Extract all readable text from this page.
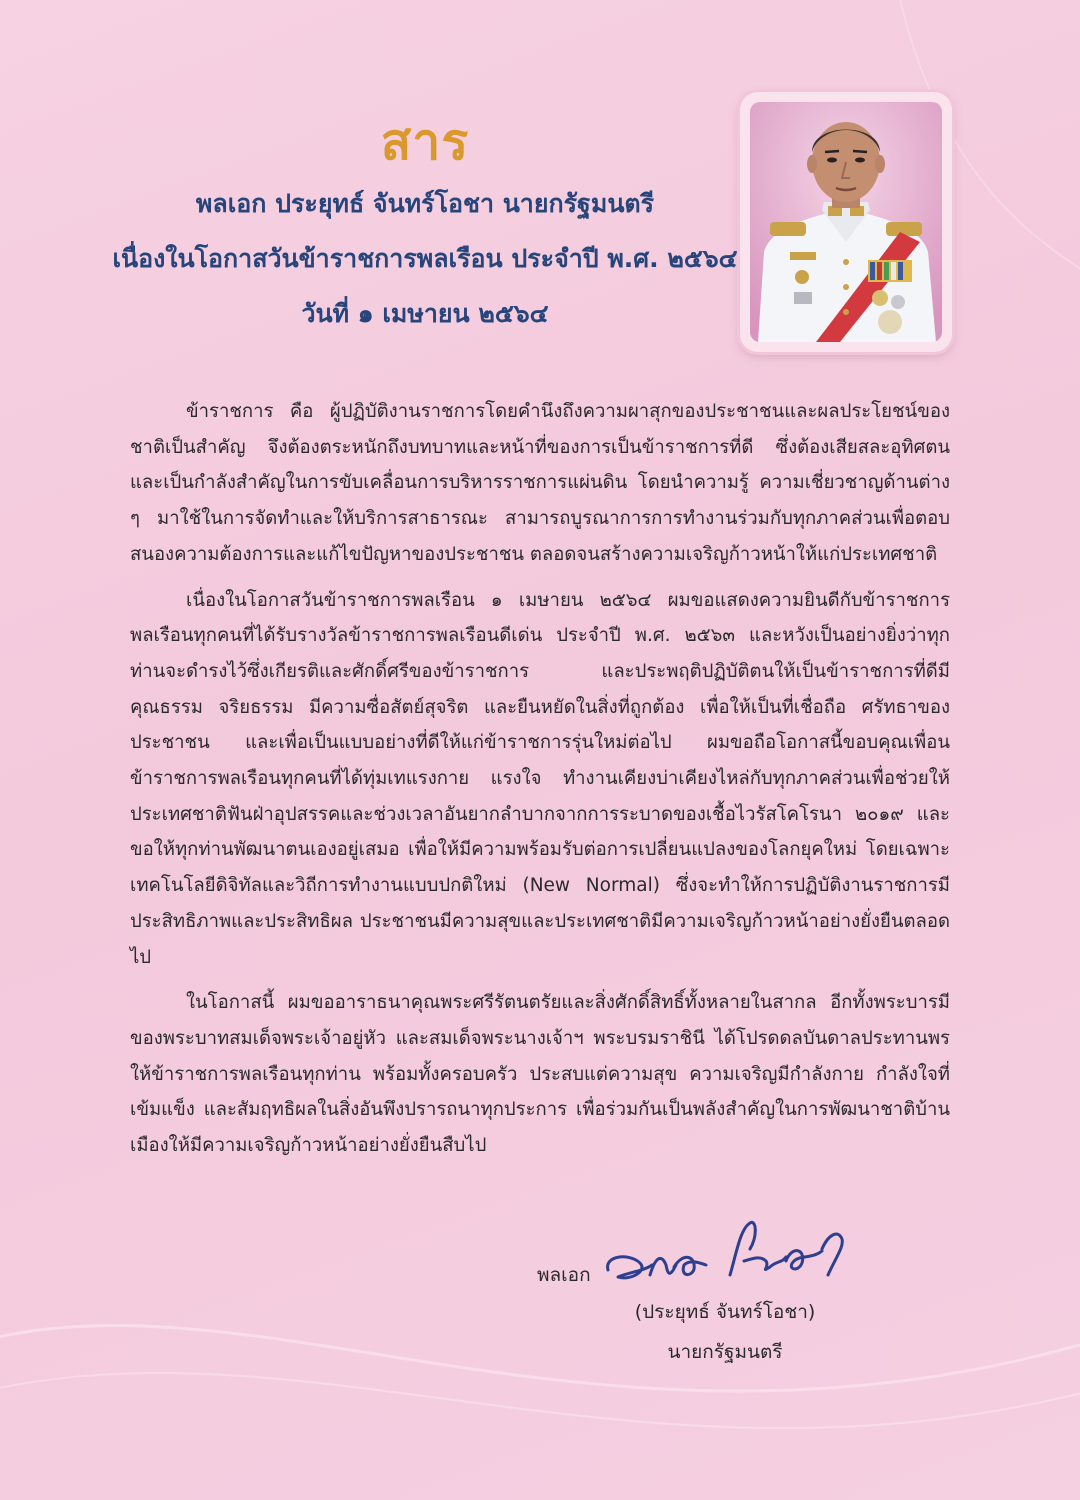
สาร
พลเอก ประยุทธ์ จันทร์โอชา นายกรัฐมนตรี
เนื่องในโอกาสวันข้าราชการพลเรือน ประจำปี พ.ศ. ๒๕๖๔
วันที่ ๑ เมษายน ๒๕๖๔

ข้าราชการ คือ ผู้ปฏิบัติงานราชการโดยคำนึงถึงความผาสุกของประชาชนและผลประโยชน์ของชาติเป็นสำคัญ จึงต้องตระหนักถึงบทบาทและหน้าที่ของการเป็นข้าราชการที่ดี ซึ่งต้องเสียสละอุทิศตน และเป็นกำลังสำคัญในการขับเคลื่อนการบริหารราชการแผ่นดิน โดยนำความรู้ ความเชี่ยวชาญด้านต่าง ๆ มาใช้ในการจัดทำและให้บริการสาธารณะ สามารถบูรณาการการทำงานร่วมกับทุกภาคส่วนเพื่อตอบสนองความต้องการและแก้ไขปัญหาของประชาชน ตลอดจนสร้างความเจริญก้าวหน้าให้แก่ประเทศชาติ

เนื่องในโอกาสวันข้าราชการพลเรือน ๑ เมษายน ๒๕๖๔ ผมขอแสดงความยินดีกับข้าราชการพลเรือนทุกคนที่ได้รับรางวัลข้าราชการพลเรือนดีเด่น ประจำปี พ.ศ. ๒๕๖๓ และหวังเป็นอย่างยิ่งว่าทุกท่านจะดำรงไว้ซึ่งเกียรติและศักดิ์ศรีของข้าราชการ และประพฤติปฏิบัติตนให้เป็นข้าราชการที่ดีมีคุณธรรม จริยธรรม มีความซื่อสัตย์สุจริต และยืนหยัดในสิ่งที่ถูกต้อง เพื่อให้เป็นที่เชื่อถือ ศรัทธาของประชาชน และเพื่อเป็นแบบอย่างที่ดีให้แก่ข้าราชการรุ่นใหม่ต่อไป ผมขอถือโอกาสนี้ขอบคุณเพื่อนข้าราชการพลเรือนทุกคนที่ได้ทุ่มเทแรงกาย แรงใจ ทำงานเคียงบ่าเคียงไหล่กับทุกภาคส่วนเพื่อช่วยให้ประเทศชาติฟันฝ่าอุปสรรคและช่วงเวลาอันยากลำบากจากการระบาดของเชื้อไวรัสโคโรนา ๒๐๑๙ และขอให้ทุกท่านพัฒนาตนเองอยู่เสมอ เพื่อให้มีความพร้อมรับต่อการเปลี่ยนแปลงของโลกยุคใหม่ โดยเฉพาะเทคโนโลยีดิจิทัลและวิถีการทำงานแบบปกติใหม่ (New Normal) ซึ่งจะทำให้การปฏิบัติงานราชการมีประสิทธิภาพและประสิทธิผล ประชาชนมีความสุขและประเทศชาติมีความเจริญก้าวหน้าอย่างยั่งยืนตลอดไป

ในโอกาสนี้ ผมขออาราธนาคุณพระศรีรัตนตรัยและสิ่งศักดิ์สิทธิ์ทั้งหลายในสากล อีกทั้งพระบารมีของพระบาทสมเด็จพระเจ้าอยู่หัว และสมเด็จพระนางเจ้าฯ พระบรมราชินี ได้โปรดดลบันดาลประทานพรให้ข้าราชการพลเรือนทุกท่าน พร้อมทั้งครอบครัว ประสบแต่ความสุข ความเจริญมีกำลังกาย กำลังใจที่เข้มแข็ง และสัมฤทธิผลในสิ่งอันพึงปรารถนาทุกประการ เพื่อร่วมกันเป็นพลังสำคัญในการพัฒนาชาติบ้านเมืองให้มีความเจริญก้าวหน้าอย่างยั่งยืนสืบไป

พลเอก
(ประยุทธ์ จันทร์โอชา)
นายกรัฐมนตรี
